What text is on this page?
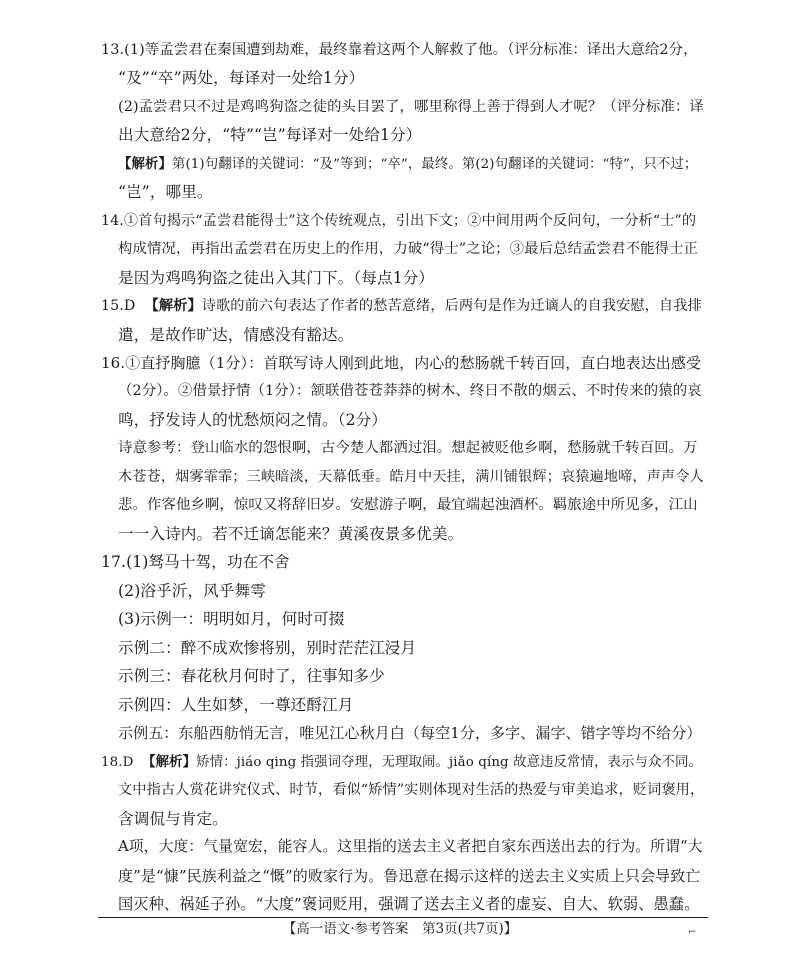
13.(1)等孟尝君在秦国遭到劫难，最终靠着这两个人解救了他。（评分标准：译出大意给2分，
“及”“卒”两处，每译对一处给1分）
(2)孟尝君只不过是鸡鸣狗盗之徒的头目罢了，哪里称得上善于得到人才呢？（评分标准：译
出大意给2分，“特”“岂”每译对一处给1分）
【解析】第(1)句翻译的关键词：“及”等到；“卒”，最终。第(2)句翻译的关键词：“特”，只不过；
“岂”，哪里。
14.①首句揭示“孟尝君能得士”这个传统观点，引出下文；②中间用两个反问句，一分析“士”的
构成情况，再指出孟尝君在历史上的作用，力破“得士”之论；③最后总结孟尝君不能得士正
是因为鸡鸣狗盗之徒出入其门下。（每点1分）
15.D 【解析】诗歌的前六句表达了作者的愁苦意绪，后两句是作为迁谪人的自我安慰，自我排
遣，是故作旷达，情感没有豁达。
16.①直抒胸臆（1分）：首联写诗人刚到此地，内心的愁肠就千转百回，直白地表达出感受
（2分）。②借景抒情（1分）：颔联借苍苍莽莽的树木、终日不散的烟云、不时传来的猿的哀
鸣，抒发诗人的忧愁烦闷之情。（2分）
诗意参考：登山临水的怨恨啊，古今楚人都洒过泪。想起被贬他乡啊，愁肠就千转百回。万
木苍苍，烟雾霏霏；三峡暗淡，天幕低垂。皓月中天挂，满川铺银辉；哀猿遍地啼，声声令人
悲。作客他乡啊，惊叹又将辞旧岁。安慰游子啊，最宜端起浊酒杯。羁旅途中所见多，江山
一一入诗内。若不迁谪怎能来？黄溪夜景多优美。
17.(1)驽马十驾，功在不舍
(2)浴乎沂，风乎舞雩
(3)示例一：明明如月，何时可掇
示例二：醉不成欢惨将别，别时茫茫江浸月
示例三：春花秋月何时了，往事知多少
示例四：人生如梦，一尊还酹江月
示例五：东船西舫悄无言，唯见江心秋月白（每空1分，多字、漏字、错字等均不给分）
18.D 【解析】矫情：jiáo qing 指强词夺理，无理取闹。jiǎo qíng 故意违反常情，表示与众不同。
文中指古人赏花讲究仪式、时节，看似“矫情”实则体现对生活的热爱与审美追求，贬词褒用，
含调侃与肯定。
A项，大度：气量宽宏，能容人。这里指的送去主义者把自家东西送出去的行为。所谓“大
度”是“慷”民族利益之“慨”的败家行为。鲁迅意在揭示这样的送去主义实质上只会导致亡
国灭种、祸延子孙。“大度”褒词贬用，强调了送去主义者的虚妄、自大、软弱、愚蠢。
【高一语文·参考答案　第3页(共7页)】	⌐
